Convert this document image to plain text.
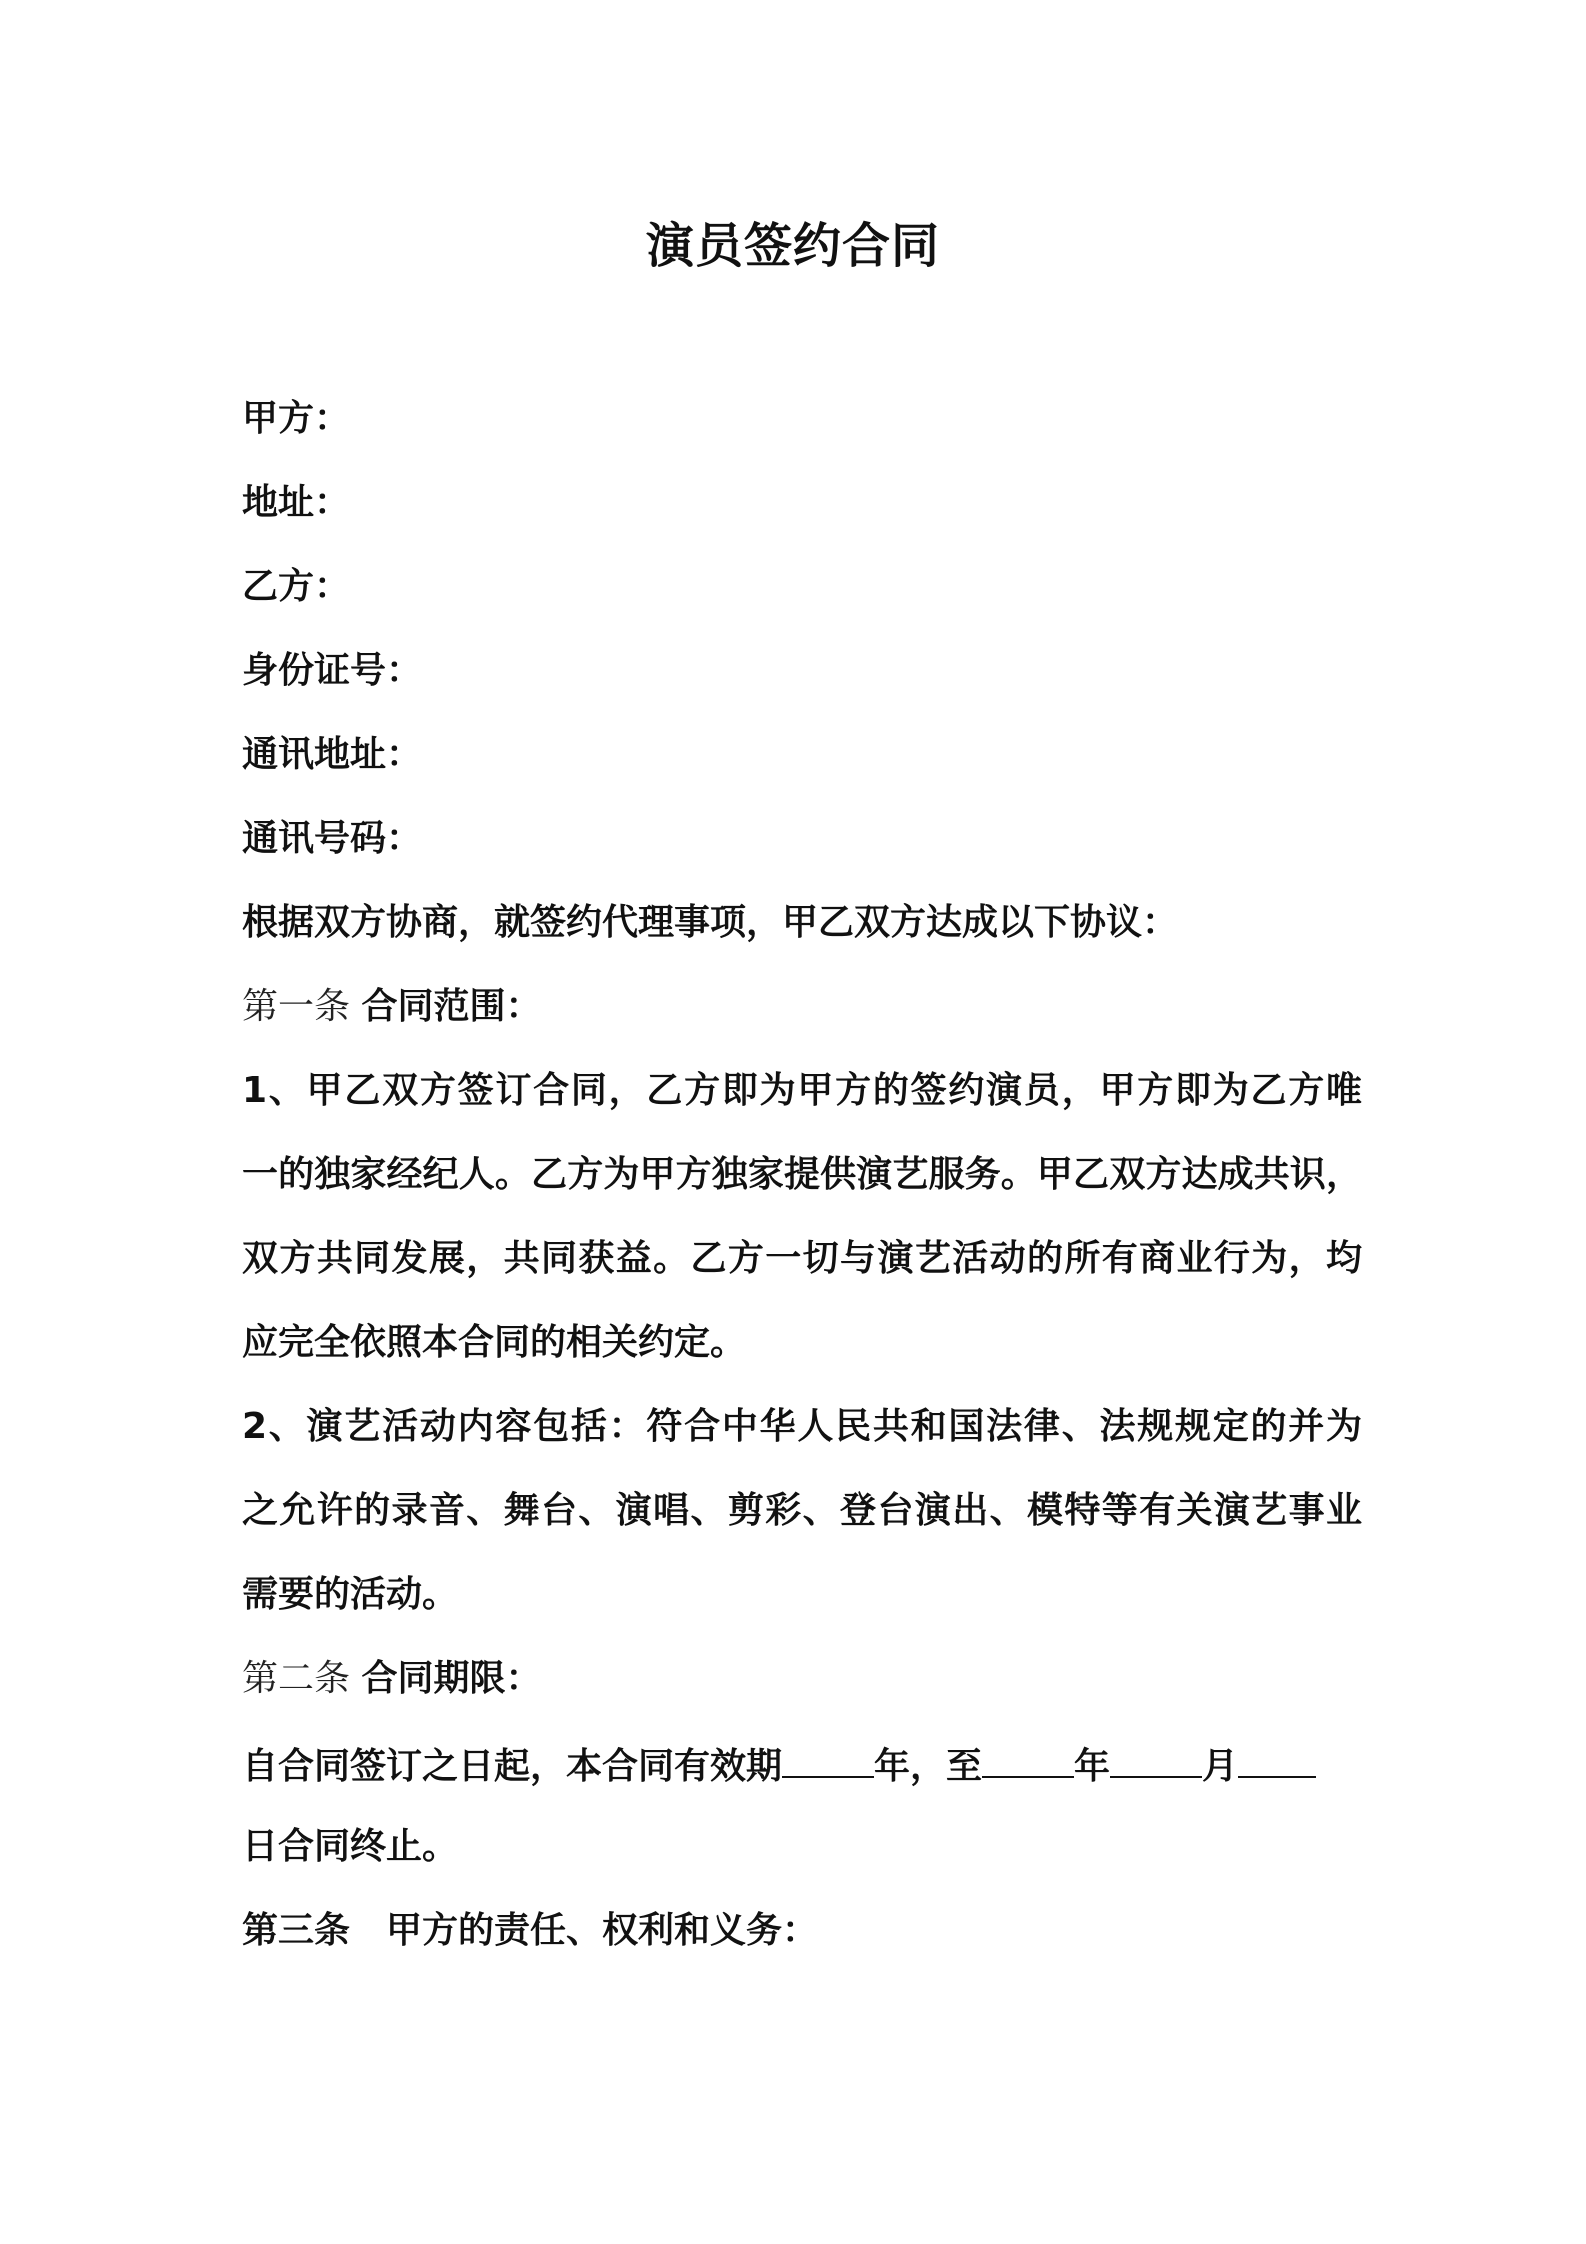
演员签约合同
甲方：
地址：
乙方：
身份证号：
通讯地址：
通讯号码：
根据双方协商，就签约代理事项，甲乙双方达成以下协议：
第一条 合同范围：
1、甲乙双方签订合同，乙方即为甲方的签约演员，甲方即为乙方唯
一的独家经纪人。乙方为甲方独家提供演艺服务。甲乙双方达成共识，
双方共同发展，共同获益。乙方一切与演艺活动的所有商业行为，均
应完全依照本合同的相关约定。
2、演艺活动内容包括：符合中华人民共和国法律、法规规定的并为
之允许的录音、舞台、演唱、剪彩、登台演出、模特等有关演艺事业
需要的活动。
第二条 合同期限：
自合同签订之日起，本合同有效期	年，至	年	月
日合同终止。
第三条　甲方的责任、权利和义务：
